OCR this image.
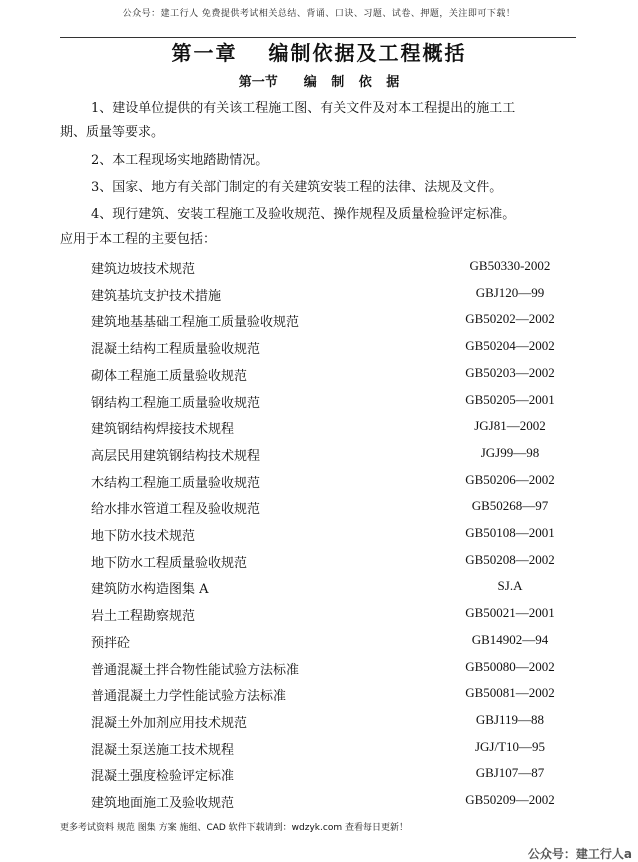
公众号：建工行人 免费提供考试相关总结、背诵、口诀、习题、试卷、押题，关注即可下载！
第一章　 编制依据及工程概括
第一节　　编 制 依 据
1、建设单位提供的有关该工程施工图、有关文件及对本工程提出的施工工
期、质量等要求。
2、本工程现场实地踏勘情况。
3、国家、地方有关部门制定的有关建筑安装工程的法律、法规及文件。
4、现行建筑、安装工程施工及验收规范、操作规程及质量检验评定标准。
应用于本工程的主要包括：
建筑边坡技术规范	GB50330-2002
建筑基坑支护技术措施	GBJ120—99
建筑地基基础工程施工质量验收规范	GB50202—2002
混凝土结构工程质量验收规范	GB50204—2002
砌体工程施工质量验收规范	GB50203—2002
钢结构工程施工质量验收规范	GB50205—2001
建筑钢结构焊接技术规程	JGJ81—2002
高层民用建筑钢结构技术规程	JGJ99—98
木结构工程施工质量验收规范	GB50206—2002
给水排水管道工程及验收规范	GB50268—97
地下防水技术规范	GB50108—2001
地下防水工程质量验收规范	GB50208—2002
建筑防水构造图集 A	SJ.A
岩土工程勘察规范	GB50021—2001
预拌砼	GB14902—94
普通混凝土拌合物性能试验方法标准	GB50080—2002
普通混凝土力学性能试验方法标准	GB50081—2002
混凝土外加剂应用技术规范	GBJ119—88
混凝土泵送施工技术规程	JGJ/T10—95
混凝土强度检验评定标准	GBJ107—87
建筑地面施工及验收规范	GB50209—2002
更多考试资料 规范 图集 方案 施组、CAD 软件下载请到：wdzyk.com 查看每日更新！
公众号：建工行人a
